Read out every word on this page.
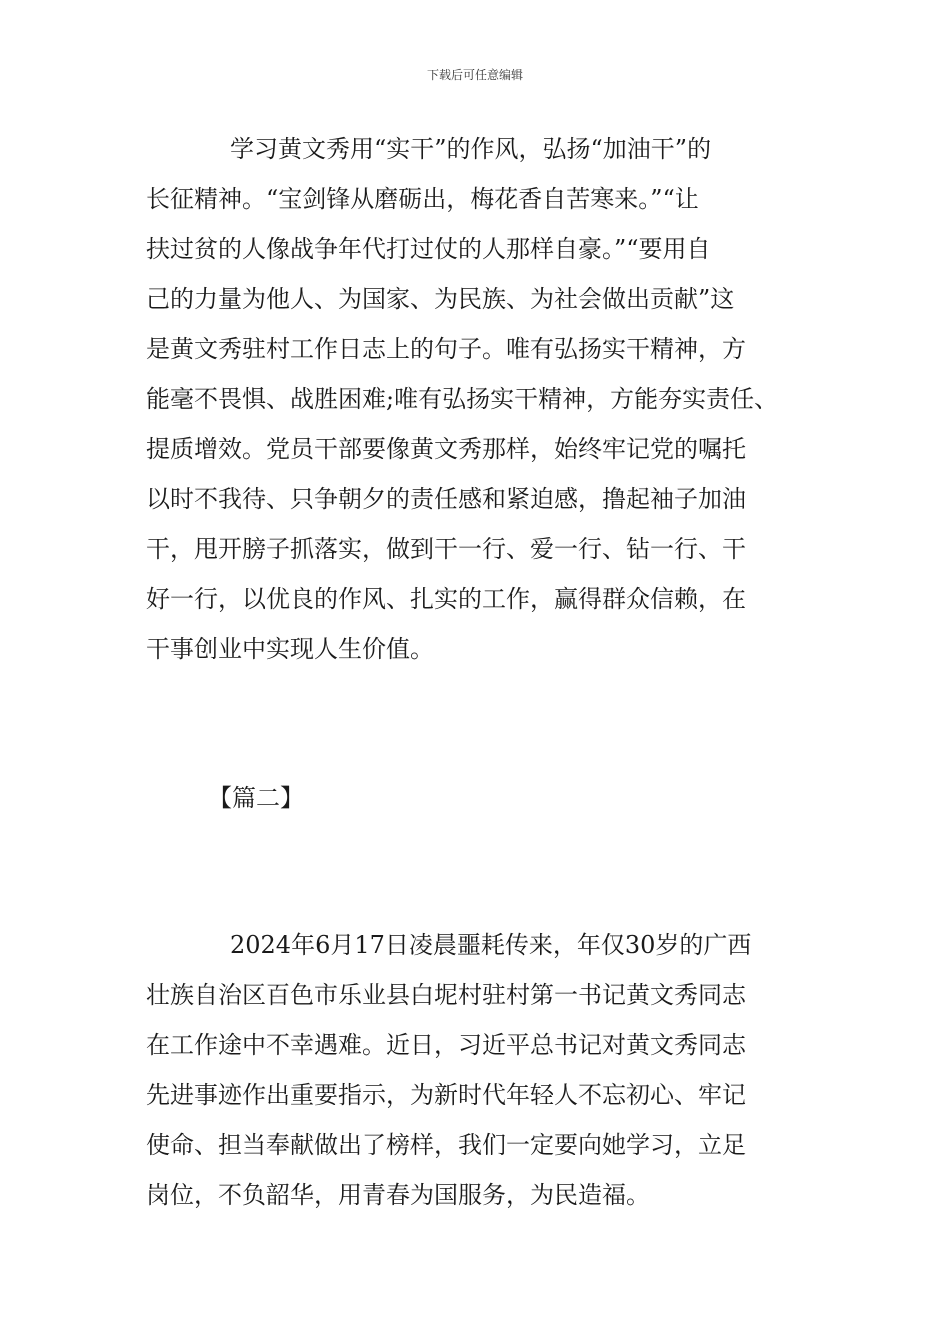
下载后可任意编辑

学习黄文秀用“实干”的作风，弘扬“加油干”的
长征精神。“宝剑锋从磨砺出，梅花香自苦寒来。”“让
扶过贫的人像战争年代打过仗的人那样自豪。”“要用自
己的力量为他人、为国家、为民族、为社会做出贡献”这
是黄文秀驻村工作日志上的句子。唯有弘扬实干精神，方
能毫不畏惧、战胜困难;唯有弘扬实干精神，方能夯实责任、
提质增效。党员干部要像黄文秀那样，始终牢记党的嘱托
以时不我待、只争朝夕的责任感和紧迫感，撸起袖子加油
干，甩开膀子抓落实，做到干一行、爱一行、钻一行、干
好一行，以优良的作风、扎实的工作，赢得群众信赖，在
干事创业中实现人生价值。

【篇二】

2024年6月17日凌晨噩耗传来，年仅30岁的广西
壮族自治区百色市乐业县白坭村驻村第一书记黄文秀同志
在工作途中不幸遇难。近日，习近平总书记对黄文秀同志
先进事迹作出重要指示，为新时代年轻人不忘初心、牢记
使命、担当奉献做出了榜样，我们一定要向她学习，立足
岗位，不负韶华，用青春为国服务，为民造福。
